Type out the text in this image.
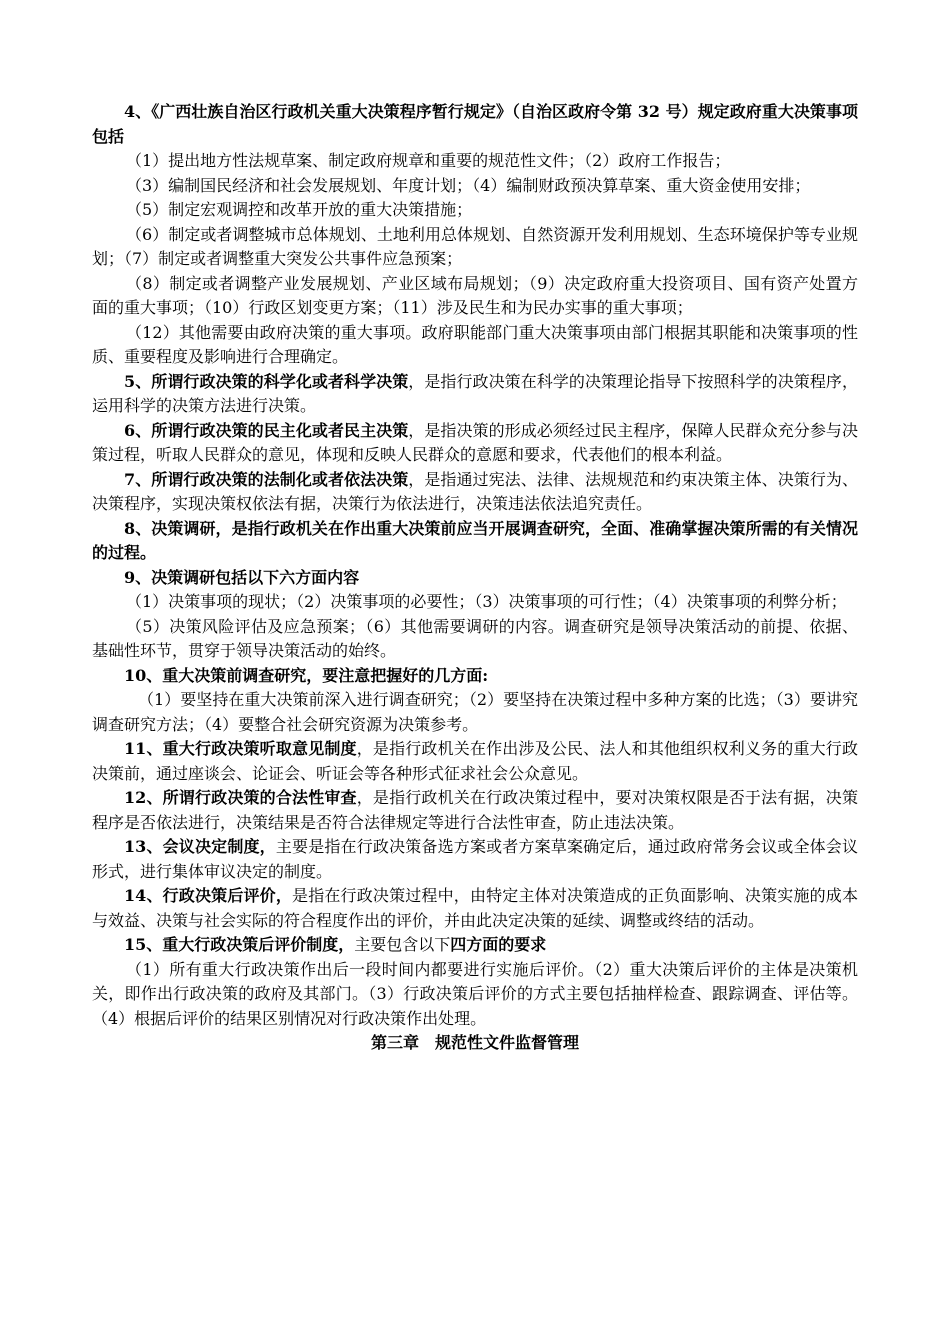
4、《广西壮族自治区行政机关重大决策程序暂行规定》（自治区政府令第 32 号）规定政府重大决策事项包括

（1）提出地方性法规草案、制定政府规章和重要的规范性文件；（2）政府工作报告；

（3）编制国民经济和社会发展规划、年度计划；（4）编制财政预决算草案、重大资金使用安排；

（5）制定宏观调控和改革开放的重大决策措施；

（6）制定或者调整城市总体规划、土地利用总体规划、自然资源开发利用规划、生态环境保护等专业规划；（7）制定或者调整重大突发公共事件应急预案；

（8）制定或者调整产业发展规划、产业区域布局规划；（9）决定政府重大投资项目、国有资产处置方面的重大事项；（10）行政区划变更方案；（11）涉及民生和为民办实事的重大事项；

（12）其他需要由政府决策的重大事项。政府职能部门重大决策事项由部门根据其职能和决策事项的性质、重要程度及影响进行合理确定。

5、所谓行政决策的科学化或者科学决策，是指行政决策在科学的决策理论指导下按照科学的决策程序，运用科学的决策方法进行决策。

6、所谓行政决策的民主化或者民主决策，是指决策的形成必须经过民主程序，保障人民群众充分参与决策过程，听取人民群众的意见，体现和反映人民群众的意愿和要求，代表他们的根本利益。

7、所谓行政决策的法制化或者依法决策，是指通过宪法、法律、法规规范和约束决策主体、决策行为、决策程序，实现决策权依法有据，决策行为依法进行，决策违法依法追究责任。

8、决策调研，是指行政机关在作出重大决策前应当开展调查研究，全面、准确掌握决策所需的有关情况的过程。

9、决策调研包括以下六方面内容

（1）决策事项的现状；（2）决策事项的必要性；（3）决策事项的可行性；（4）决策事项的利弊分析；

（5）决策风险评估及应急预案；（6）其他需要调研的内容。调查研究是领导决策活动的前提、依据、基础性环节，贯穿于领导决策活动的始终。

10、重大决策前调查研究，要注意把握好的几方面:

（1）要坚持在重大决策前深入进行调查研究；（2）要坚持在决策过程中多种方案的比选；（3）要讲究调查研究方法；（4）要整合社会研究资源为决策参考。

11、重大行政决策听取意见制度，是指行政机关在作出涉及公民、法人和其他组织权利义务的重大行政决策前，通过座谈会、论证会、听证会等各种形式征求社会公众意见。

12、所谓行政决策的合法性审查，是指行政机关在行政决策过程中，要对决策权限是否于法有据，决策程序是否依法进行，决策结果是否符合法律规定等进行合法性审查，防止违法决策。

13、会议决定制度，主要是指在行政决策备选方案或者方案草案确定后，通过政府常务会议或全体会议形式，进行集体审议决定的制度。

14、行政决策后评价，是指在行政决策过程中，由特定主体对决策造成的正负面影响、决策实施的成本与效益、决策与社会实际的符合程度作出的评价，并由此决定决策的延续、调整或终结的活动。

15、重大行政决策后评价制度，主要包含以下四方面的要求

（1）所有重大行政决策作出后一段时间内都要进行实施后评价。（2）重大决策后评价的主体是决策机关，即作出行政决策的政府及其部门。（3）行政决策后评价的方式主要包括抽样检查、跟踪调查、评估等。（4）根据后评价的结果区别情况对行政决策作出处理。

第三章　规范性文件监督管理
